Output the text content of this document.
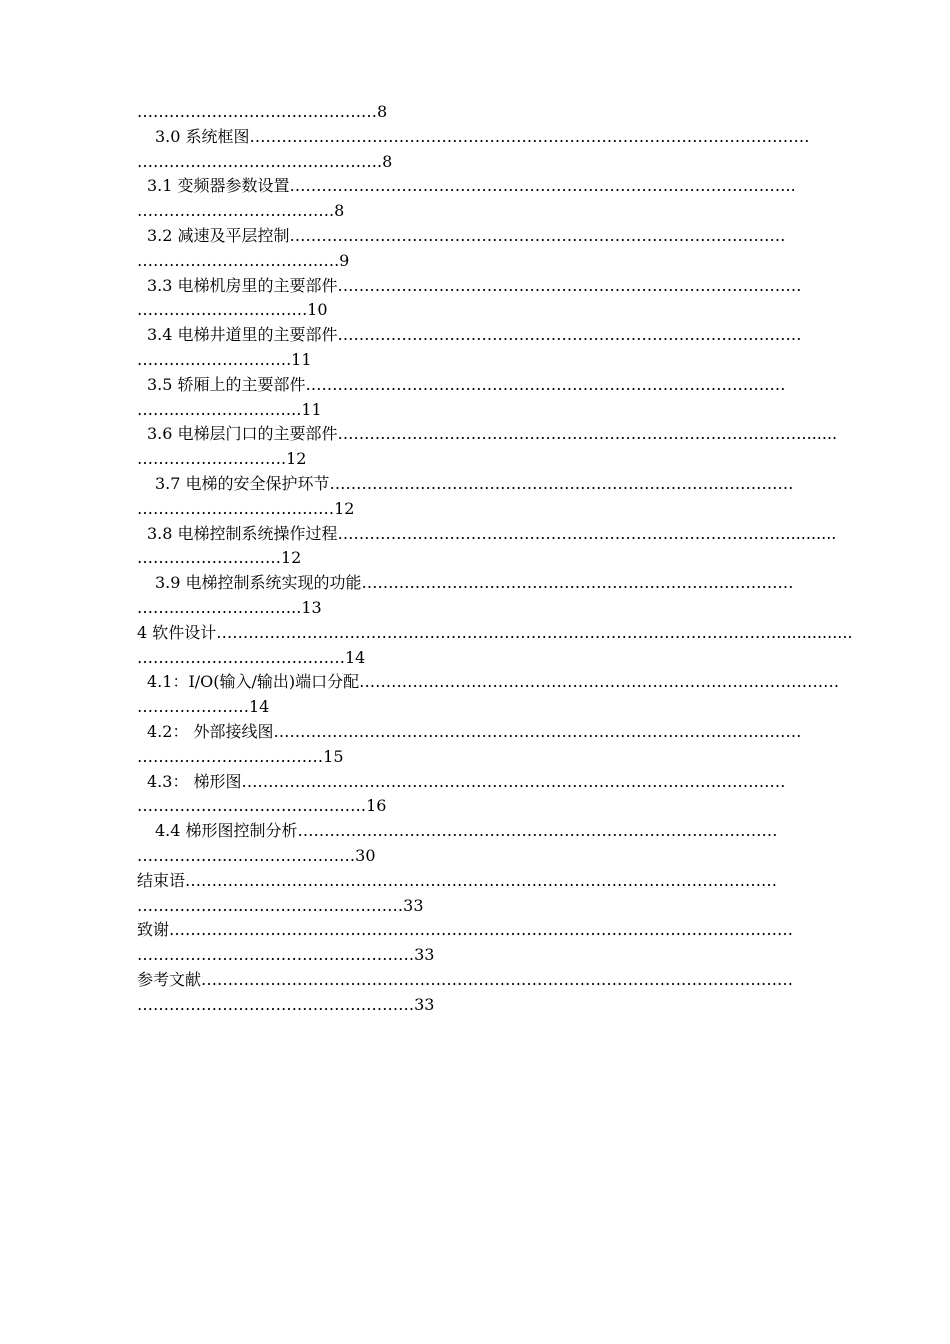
………………………………………8
3.0 系统框图……………………………………………………………………………………………
……………………………………….8
3.1 变频器参数设置…………………………………………………………………………………..
……………………………….8
3.2 减速及平层控制…………………………………………………………………………………
…………………………….….9
3.3 电梯机房里的主要部件……………………………………………………………………………
………………….……….10
3.4 电梯井道里的主要部件……………………………………………………………………………
……….……………….11
3.5 轿厢上的主要部件………………………………………………………………………………
……..…………………..11
3.6 电梯层门口的主要部件…………………………………………………………………………….......
……………………….12
3.7 电梯的安全保护环节……………………………………………………………………………
………………………….……12
3.8 电梯控制系统操作过程…………………………………………………………………………..........
………………………12
3.9 电梯控制系统实现的功能………………………………………………………………………
……..…………………..13
4 软件设计……………………………………………………………………………………………...............
…………………………………14
4.1：I/O(输入/输出)端口分配………………………………………………………………………………
…………………14
4.2： 外部接线图………………………………………………………………………………………
……..………………………15
4.3： 梯形图…………………………………………………………………………………………
……………………………….……16
4.4 梯形图控制分析………………………………………………………………………………
……………..……………………30
结束语…………………………………………………………………………………………………
………………..…………………………33
致谢………………………………………………………………………………………………………
…………………….………………………33
参考文献…………………………………………………………………………………………………
………………………….…………………33
